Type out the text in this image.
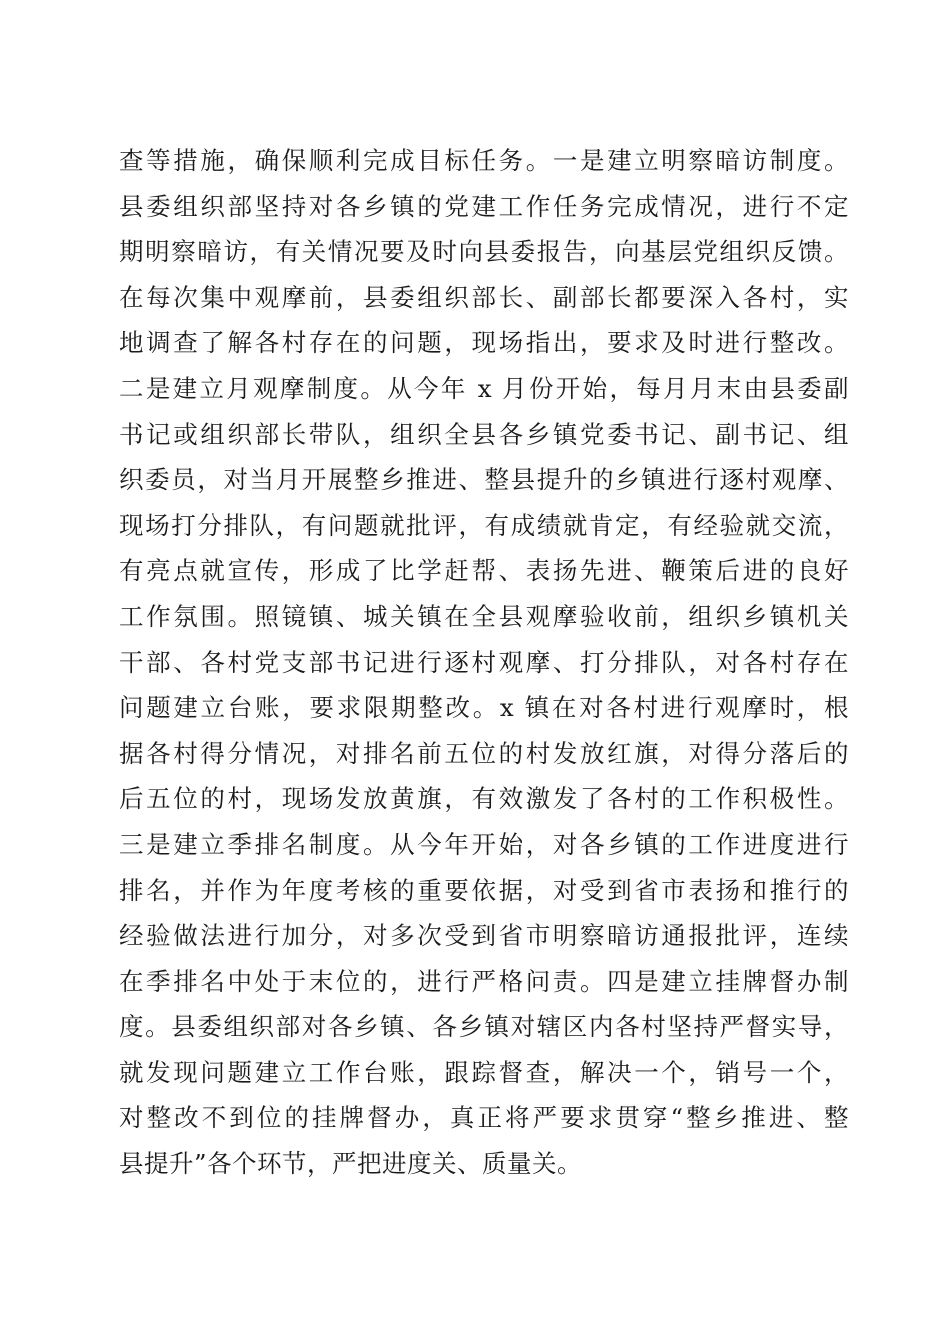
查等措施，确保顺利完成目标任务。一是建立明察暗访制度。
县委组织部坚持对各乡镇的党建工作任务完成情况，进行不定
期明察暗访，有关情况要及时向县委报告，向基层党组织反馈。
在每次集中观摩前，县委组织部长、副部长都要深入各村，实
地调查了解各村存在的问题，现场指出，要求及时进行整改。
二是建立月观摩制度。从今年 x 月份开始，每月月末由县委副
书记或组织部长带队，组织全县各乡镇党委书记、副书记、组
织委员，对当月开展整乡推进、整县提升的乡镇进行逐村观摩、
现场打分排队，有问题就批评，有成绩就肯定，有经验就交流，
有亮点就宣传，形成了比学赶帮、表扬先进、鞭策后进的良好
工作氛围。照镜镇、城关镇在全县观摩验收前，组织乡镇机关
干部、各村党支部书记进行逐村观摩、打分排队，对各村存在
问题建立台账，要求限期整改。x 镇在对各村进行观摩时，根
据各村得分情况，对排名前五位的村发放红旗，对得分落后的
后五位的村，现场发放黄旗，有效激发了各村的工作积极性。
三是建立季排名制度。从今年开始，对各乡镇的工作进度进行
排名，并作为年度考核的重要依据，对受到省市表扬和推行的
经验做法进行加分，对多次受到省市明察暗访通报批评，连续
在季排名中处于末位的，进行严格问责。四是建立挂牌督办制
度。县委组织部对各乡镇、各乡镇对辖区内各村坚持严督实导，
就发现问题建立工作台账，跟踪督查，解决一个，销号一个，
对整改不到位的挂牌督办，真正将严要求贯穿“整乡推进、整
县提升”各个环节，严把进度关、质量关。
